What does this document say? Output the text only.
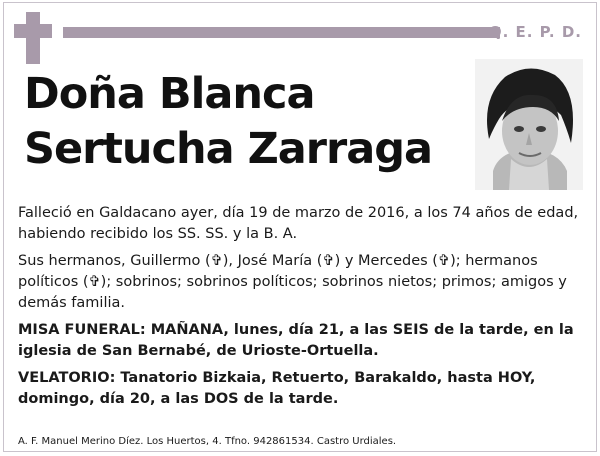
Q. E. P. D.
Doña Blanca
Sertucha Zarraga

Falleció en Galdacano ayer, día 19 de marzo de 2016, a los 74 años de edad, habiendo recibido los SS. SS. y la B. A.

Sus hermanos, Guillermo (✞), José María (✞) y Mercedes (✞); hermanos políticos (✞); sobrinos; sobrinos políticos; sobrinos nietos; primos; amigos y demás familia.

MISA FUNERAL: MAÑANA, lunes, día 21, a las SEIS de la tarde, en la iglesia de San Bernabé, de Urioste-Ortuella.

VELATORIO: Tanatorio Bizkaia, Retuerto, Barakaldo, hasta HOY, domingo, día 20, a las DOS de la tarde.

A. F. Manuel Merino Díez. Los Huertos, 4. Tfno. 942861534. Castro Urdiales.
